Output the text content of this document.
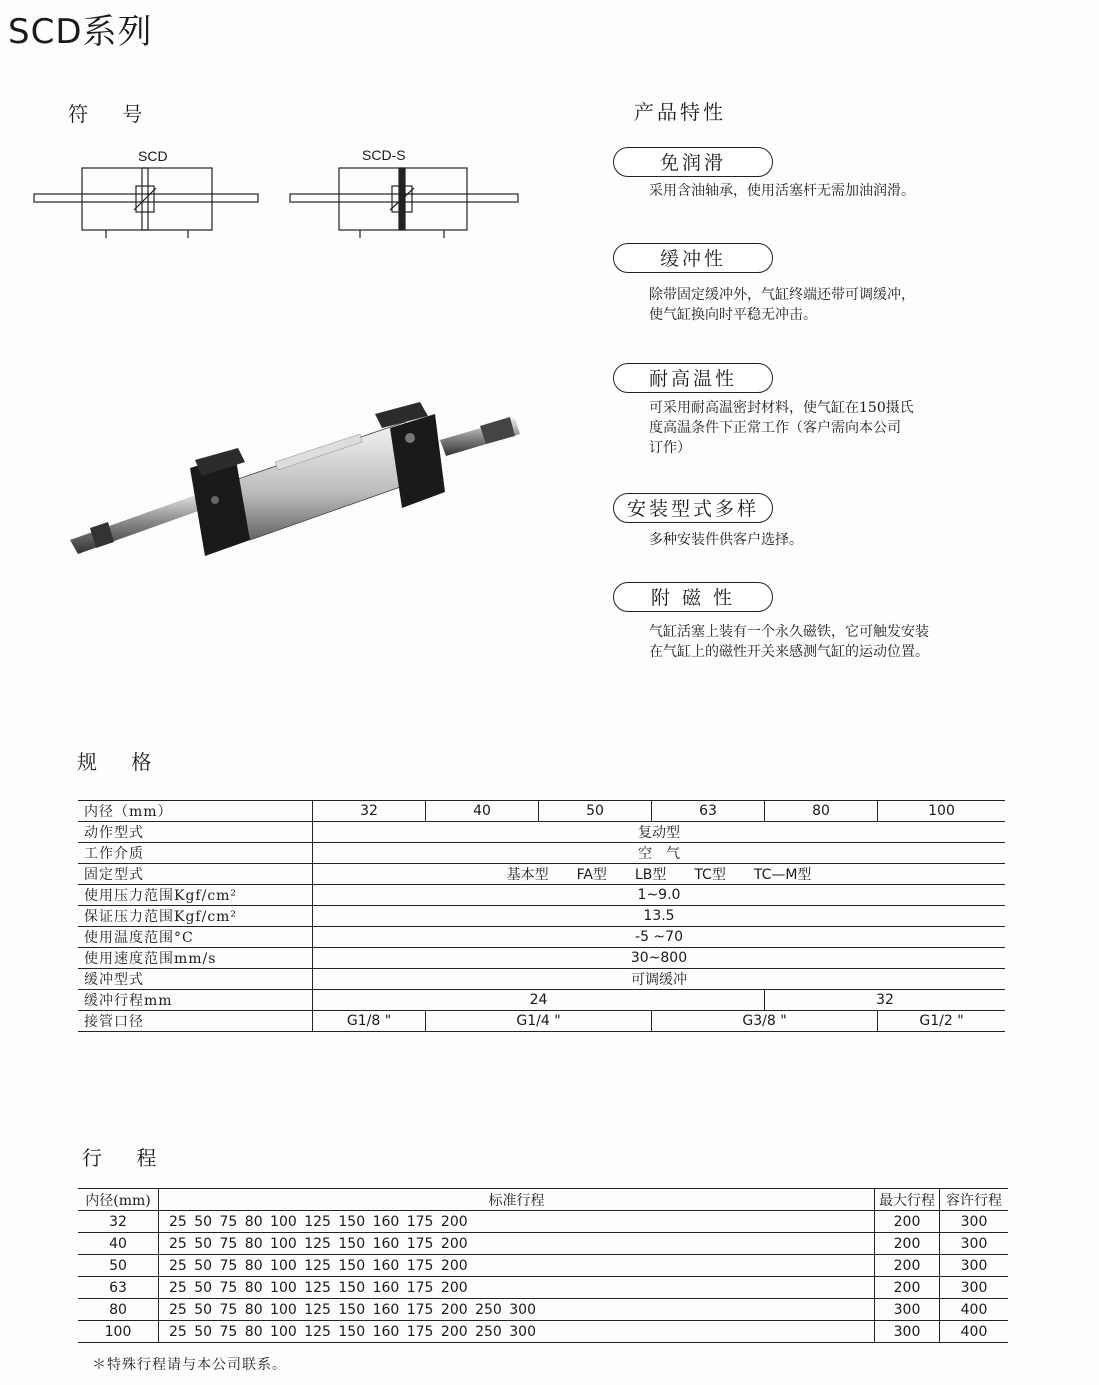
SCD系列
符 号
SCD	SCD-S
产品特性
免润滑
采用含油轴承，使用活塞杆无需加油润滑。
缓冲性
除带固定缓冲外，气缸终端还带可调缓冲，
使气缸换向时平稳无冲击。
耐高温性
可采用耐高温密封材料，使气缸在150摄氏
度高温条件下正常工作（客户需向本公司
订作）
安装型式多样
多种安装件供客户选择。
附 磁 性
气缸活塞上装有一个永久磁铁，它可触发安装
在气缸上的磁性开关来感测气缸的运动位置。
规 格
内径（mm）	32	40	50	63	80	100
动作型式	复动型					
工作介质	空　气					
固定型式	基本型　　FA型　　LB型　　TC型　　TC—M型					
使用压力范围Kgf/cm²	1~9.0					
保证压力范围Kgf/cm²	13.5					
使用温度范围°C	-5 ~70					
使用速度范围mm/s	30~800					
缓冲型式	可调缓冲					
缓冲行程mm	24				32	
接管口径	G1/8 "	G1/4 "		G3/8 "		G1/2 "
行 程
内径(mm)	标准行程	最大行程	容许行程
32	25 50 75 80 100 125 150 160 175 200	200	300
40	25 50 75 80 100 125 150 160 175 200	200	300
50	25 50 75 80 100 125 150 160 175 200	200	300
63	25 50 75 80 100 125 150 160 175 200	200	300
80	25 50 75 80 100 125 150 160 175 200 250 300	300	400
100	25 50 75 80 100 125 150 160 175 200 250 300	300	400
＊特殊行程请与本公司联系。
